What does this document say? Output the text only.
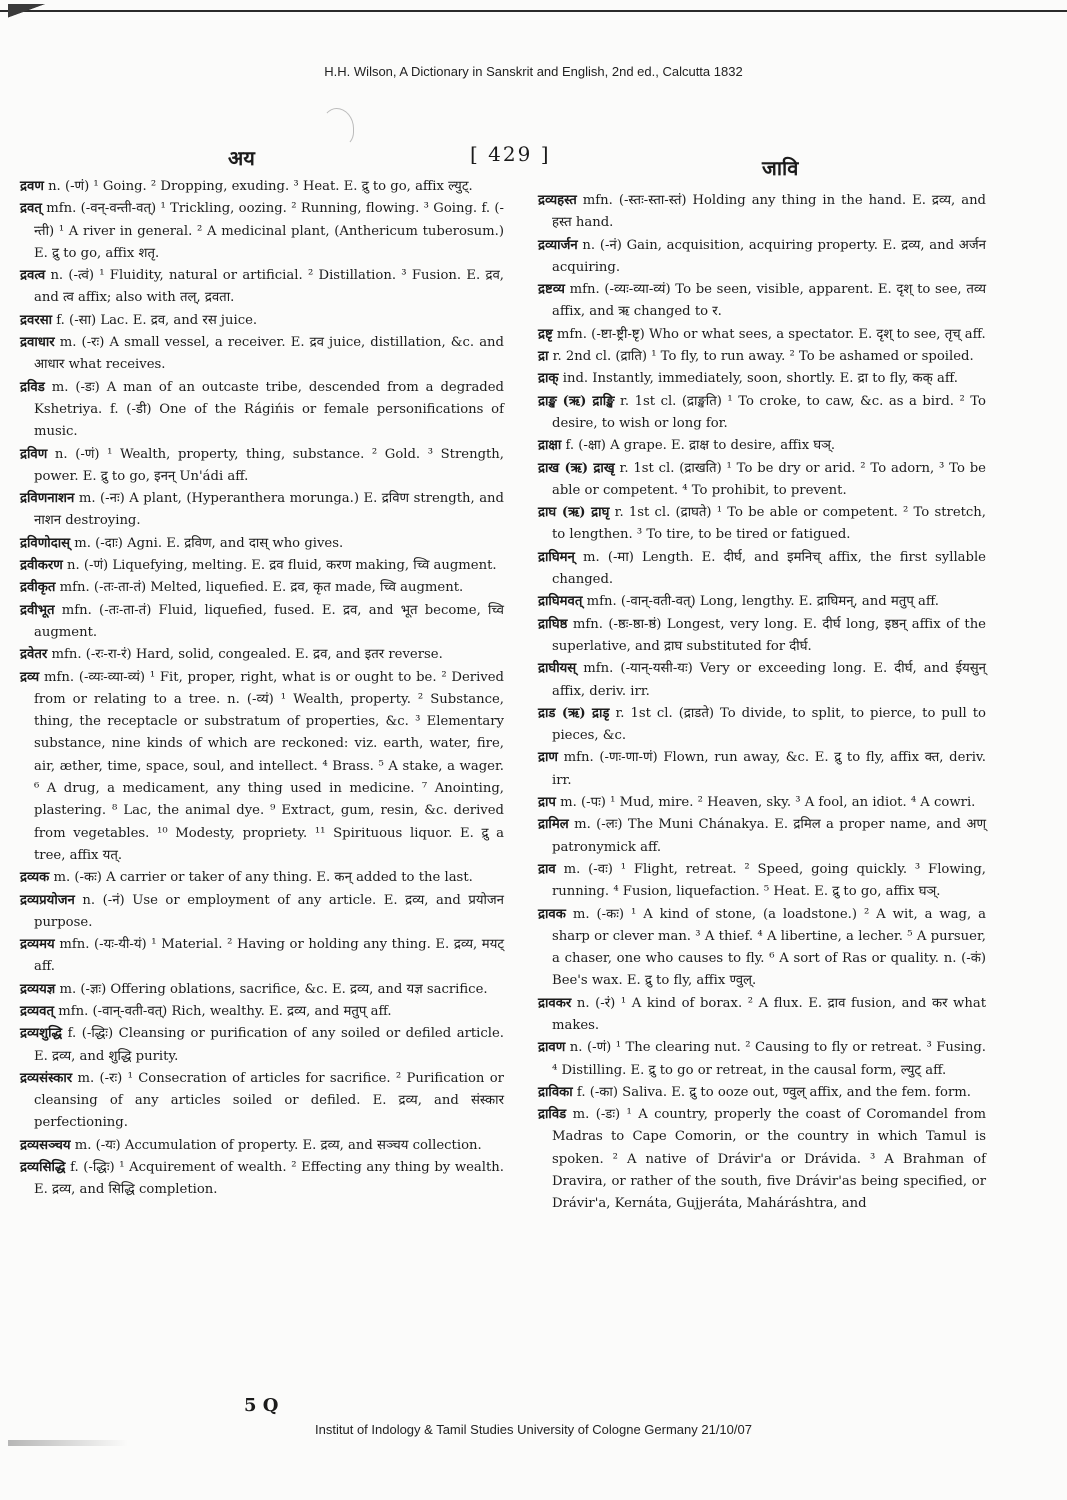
H.H. Wilson, A Dictionary in Sanskrit and English, 2nd ed., Calcutta 1832
अय	[ 429 ]
जावि
द्रवण n. (-णं) ¹ Going. ² Dropping, exuding. ³ Heat. E. द्रु to go, affix ल्युट्.
द्रवत् mfn. (-वन्-वन्ती-वत्) ¹ Trickling, oozing. ² Running, flowing. ³ Going. f. (-न्ती) ¹ A river in general. ² A medicinal plant, (Anthericum tuberosum.) E. द्रु to go, affix शतृ.
द्रवत्व n. (-त्वं) ¹ Fluidity, natural or artificial. ² Distillation. ³ Fusion. E. द्रव, and त्व affix; also with तल्, द्रवता.
द्रवरसा f. (-सा) Lac. E. द्रव, and रस juice.
द्रवाधार m. (-रः) A small vessel, a receiver. E. द्रव juice, distillation, &c. and आधार what receives.
द्रविड m. (-डः) A man of an outcaste tribe, descended from a degraded Kshetriya. f. (-डी) One of the Rágińis or female personifications of music.
द्रविण n. (-णं) ¹ Wealth, property, thing, substance. ² Gold. ³ Strength, power. E. द्रु to go, इनन् Un'ádi aff.
द्रविणनाशन m. (-नः) A plant, (Hyperanthera morunga.) E. द्रविण strength, and नाशन destroying.
द्रविणोदास् m. (-दाः) Agni. E. द्रविण, and दास् who gives.
द्रवीकरण n. (-णं) Liquefying, melting. E. द्रव fluid, करण making, च्वि augment.
द्रवीकृत mfn. (-तः-ता-तं) Melted, liquefied. E. द्रव, कृत made, च्वि augment.
द्रवीभूत mfn. (-तः-ता-तं) Fluid, liquefied, fused. E. द्रव, and भूत become, च्वि augment.
द्रवेतर mfn. (-रः-रा-रं) Hard, solid, congealed. E. द्रव, and इतर reverse.
द्रव्य mfn. (-व्यः-व्या-व्यं) ¹ Fit, proper, right, what is or ought to be. ² Derived from or relating to a tree. n. (-व्यं) ¹ Wealth, property. ² Substance, thing, the receptacle or substratum of properties, &c. ³ Elementary substance, nine kinds of which are reckoned: viz. earth, water, fire, air, æther, time, space, soul, and intellect. ⁴ Brass. ⁵ A stake, a wager. ⁶ A drug, a medicament, any thing used in medicine. ⁷ Anointing, plastering. ⁸ Lac, the animal dye. ⁹ Extract, gum, resin, &c. derived from vegetables. ¹⁰ Modesty, propriety. ¹¹ Spirituous liquor. E. द्रु a tree, affix यत्.
द्रव्यक m. (-कः) A carrier or taker of any thing. E. कन् added to the last.
द्रव्यप्रयोजन n. (-नं) Use or employment of any article. E. द्रव्य, and प्रयोजन purpose.
द्रव्यमय mfn. (-यः-यी-यं) ¹ Material. ² Having or holding any thing. E. द्रव्य, मयट् aff.
द्रव्ययज्ञ m. (-ज्ञः) Offering oblations, sacrifice, &c. E. द्रव्य, and यज्ञ sacrifice.
द्रव्यवत् mfn. (-वान्-वती-वत्) Rich, wealthy. E. द्रव्य, and मतुप् aff.
द्रव्यशुद्धि f. (-द्धिः) Cleansing or purification of any soiled or defiled article. E. द्रव्य, and शुद्धि purity.
द्रव्यसंस्कार m. (-रः) ¹ Consecration of articles for sacrifice. ² Purification or cleansing of any articles soiled or defiled. E. द्रव्य, and संस्कार perfectioning.
द्रव्यसञ्चय m. (-यः) Accumulation of property. E. द्रव्य, and सञ्चय collection.
द्रव्यसिद्धि f. (-द्धिः) ¹ Acquirement of wealth. ² Effecting any thing by wealth. E. द्रव्य, and सिद्धि completion.
द्रव्यहस्त mfn. (-स्तः-स्ता-स्तं) Holding any thing in the hand. E. द्रव्य, and हस्त hand.
द्रव्यार्जन n. (-नं) Gain, acquisition, acquiring property. E. द्रव्य, and अर्जन acquiring.
द्रष्टव्य mfn. (-व्यः-व्या-व्यं) To be seen, visible, apparent. E. दृश् to see, तव्य affix, and ऋ changed to र.
द्रष्टृ mfn. (-ष्टा-ष्ट्री-ष्टृ) Who or what sees, a spectator. E. दृश् to see, तृच् aff.
द्रा r. 2nd cl. (द्राति) ¹ To fly, to run away. ² To be ashamed or spoiled.
द्राक् ind. Instantly, immediately, soon, shortly. E. द्रा to fly, कक् aff.
द्राङ्ख (ऋ) द्राङ्खि r. 1st cl. (द्राङ्खति) ¹ To croke, to caw, &c. as a bird. ² To desire, to wish or long for.
द्राक्षा f. (-क्षा) A grape. E. द्राक्ष to desire, affix घञ्.
द्राख (ऋ) द्राखृ r. 1st cl. (द्राखति) ¹ To be dry or arid. ² To adorn, ³ To be able or competent. ⁴ To prohibit, to prevent.
द्राघ (ऋ) द्राघृ r. 1st cl. (द्राघते) ¹ To be able or competent. ² To stretch, to lengthen. ³ To tire, to be tired or fatigued.
द्राघिमन् m. (-मा) Length. E. दीर्घ, and इमनिच् affix, the first syllable changed.
द्राघिमवत् mfn. (-वान्-वती-वत्) Long, lengthy. E. द्राघिमन्, and मतुप् aff.
द्राघिष्ठ mfn. (-ष्ठः-ष्ठा-ष्ठं) Longest, very long. E. दीर्घ long, इष्ठन् affix of the superlative, and द्राघ substituted for दीर्घ.
द्राघीयस् mfn. (-यान्-यसी-यः) Very or exceeding long. E. दीर्घ, and ईयसुन् affix, deriv. irr.
द्राड (ऋ) द्राडृ r. 1st cl. (द्राडते) To divide, to split, to pierce, to pull to pieces, &c.
द्राण mfn. (-णः-णा-णं) Flown, run away, &c. E. द्रु to fly, affix क्त, deriv. irr.
द्राप m. (-पः) ¹ Mud, mire. ² Heaven, sky. ³ A fool, an idiot. ⁴ A cowri.
द्रामिल m. (-लः) The Muni Chánakya. E. द्रमिल a proper name, and अण् patronymick aff.
द्राव m. (-वः) ¹ Flight, retreat. ² Speed, going quickly. ³ Flowing, running. ⁴ Fusion, liquefaction. ⁵ Heat. E. द्रु to go, affix घञ्.
द्रावक m. (-कः) ¹ A kind of stone, (a loadstone.) ² A wit, a wag, a sharp or clever man. ³ A thief. ⁴ A libertine, a lecher. ⁵ A pursuer, a chaser, one who causes to fly. ⁶ A sort of Ras or quality. n. (-कं) Bee's wax. E. द्रु to fly, affix ण्वुल्.
द्रावकर n. (-रं) ¹ A kind of borax. ² A flux. E. द्राव fusion, and कर what makes.
द्रावण n. (-णं) ¹ The clearing nut. ² Causing to fly or retreat. ³ Fusing. ⁴ Distilling. E. द्रु to go or retreat, in the causal form, ल्युट् aff.
द्राविका f. (-का) Saliva. E. द्रु to ooze out, ण्वुल् affix, and the fem. form.
द्राविड m. (-डः) ¹ A country, properly the coast of Coromandel from Madras to Cape Comorin, or the country in which Tamul is spoken. ² A native of Drávir'a or Drávida. ³ A Brahman of Dravira, or rather of the south, five Drávir'as being specified, or Drávir'a, Kernáta, Gujjeráta, Maháráshtra, and
5 Q
Institut of Indology & Tamil Studies University of Cologne Germany 21/10/07
